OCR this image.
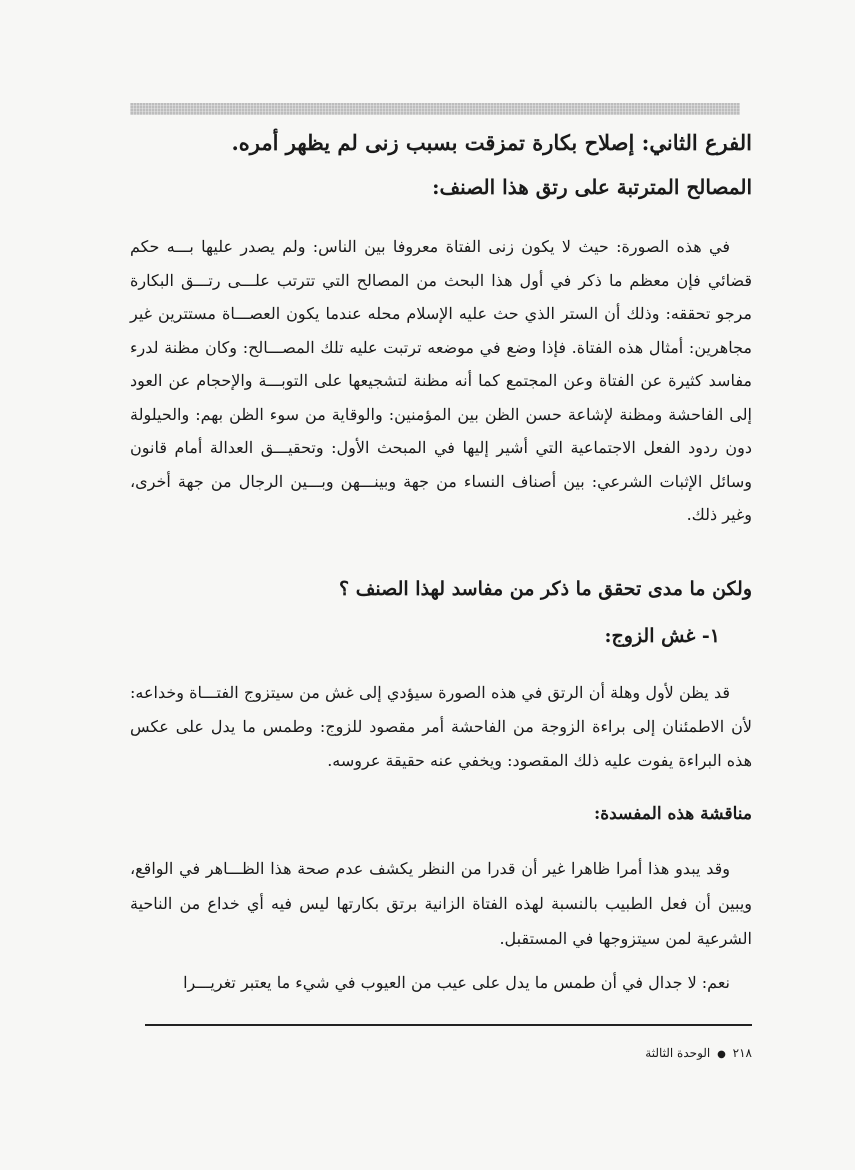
الفرع الثاني: إصلاح بكارة تمزقت بسبب زنى لم يظهر أمره.
المصالح المترتبة على رتق هذا الصنف:

في هذه الصورة: حيث لا يكون زنى الفتاة معروفا بين الناس: ولم يصدر عليها بـــه حكم قضائي فإن معظم ما ذكر في أول هذا البحث من المصالح التي تترتب علـــى رتـــق البكارة مرجو تحققه: وذلك أن الستر الذي حث عليه الإسلام محله عندما يكون العصـــاة مستترين غير مجاهرين: أمثال هذه الفتاة. فإذا وضع في موضعه ترتبت عليه تلك المصـــالح: وكان مظنة لدرء مفاسد كثيرة عن الفتاة وعن المجتمع كما أنه مظنة لتشجيعها على التوبـــة والإحجام عن العود إلى الفاحشة ومظنة لإشاعة حسن الظن بين المؤمنين: والوقاية من سوء الظن بهم: والحيلولة دون ردود الفعل الاجتماعية التي أشير إليها في المبحث الأول: وتحقيـــق العدالة أمام قانون وسائل الإثبات الشرعي: بين أصناف النساء من جهة وبينـــهن وبـــين الرجال من جهة أخرى، وغير ذلك.

ولكن ما مدى تحقق ما ذكر من مفاسد لهذا الصنف ؟
١- غش الزوج:

قد يظن لأول وهلة أن الرتق في هذه الصورة سيؤدي إلى غش من سيتزوج الفتـــاة وخداعه: لأن الاطمئنان إلى براءة الزوجة من الفاحشة أمر مقصود للزوج: وطمس ما يدل على عكس هذه البراءة يفوت عليه ذلك المقصود: ويخفي عنه حقيقة عروسه.

مناقشة هذه المفسدة:

وقد يبدو هذا أمرا ظاهرا غير أن قدرا من النظر يكشف عدم صحة هذا الظـــاهر في الواقع، ويبين أن فعل الطبيب بالنسبة لهذه الفتاة الزانية برتق بكارتها ليس فيه أي خداع من الناحية الشرعية لمن سيتزوجها في المستقبل.

نعم: لا جدال في أن طمس ما يدل على عيب من العيوب في شيء ما يعتبر تغريـــرا

٢١٨ ● الوحدة الثالثة
